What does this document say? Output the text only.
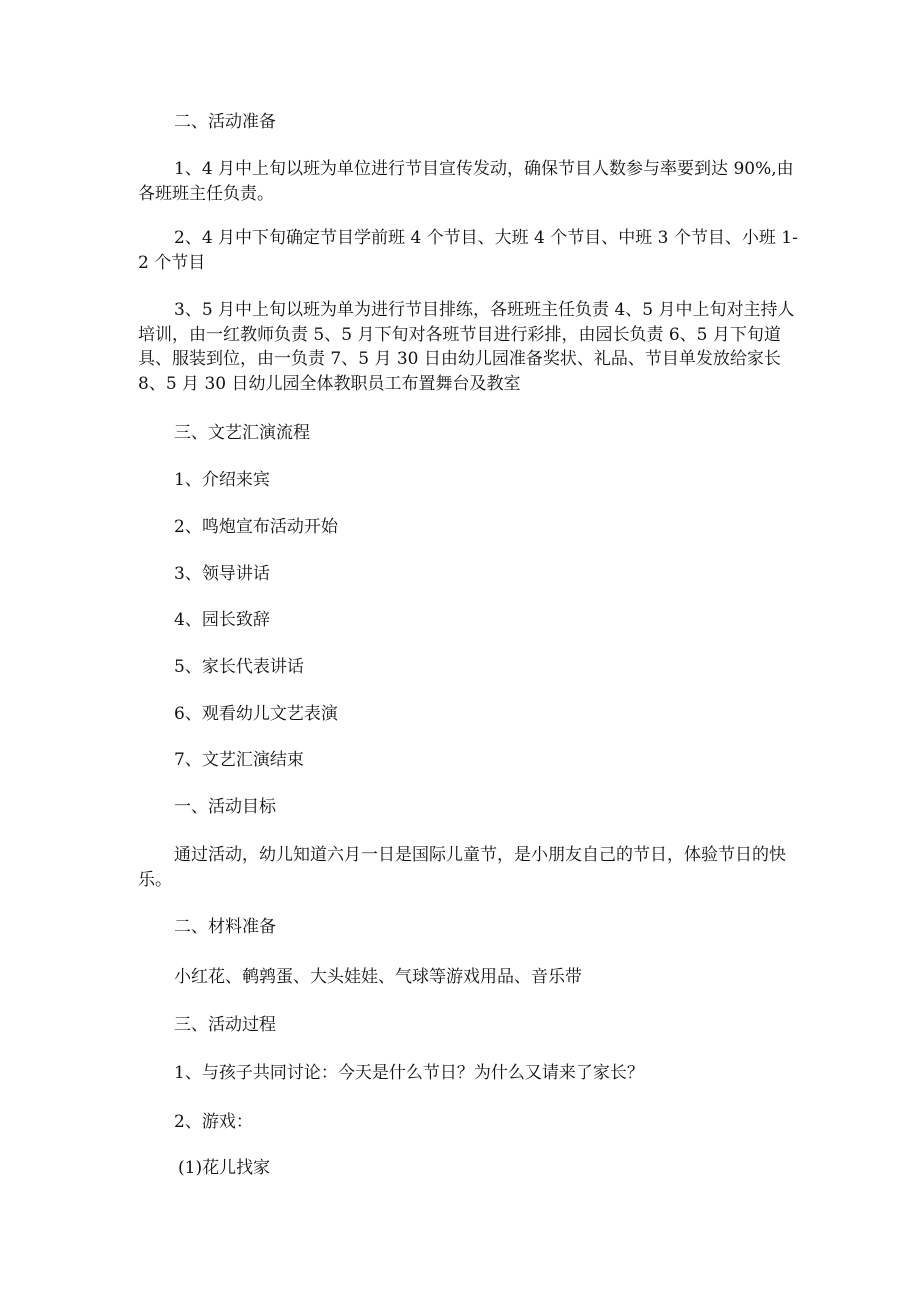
二、活动准备
1、4 月中上旬以班为单位进行节目宣传发动，确保节目人数参与率要到达 90%,由
各班班主任负责。
2、4 月中下旬确定节目学前班 4 个节目、大班 4 个节目、中班 3 个节目、小班 1-
2 个节目
3、5 月中上旬以班为单为进行节目排练，各班班主任负责 4、5 月中上旬对主持人
培训，由一红教师负责 5、5 月下旬对各班节目进行彩排，由园长负责 6、5 月下旬道
具、服装到位，由一负责 7、5 月 30 日由幼儿园准备奖状、礼品、节目单发放给家长
8、5 月 30 日幼儿园全体教职员工布置舞台及教室
三、文艺汇演流程
1、介绍来宾
2、鸣炮宣布活动开始
3、领导讲话
4、园长致辞
5、家长代表讲话
6、观看幼儿文艺表演
7、文艺汇演结束
一、活动目标
通过活动，幼儿知道六月一日是国际儿童节，是小朋友自己的节日，体验节日的快
乐。
二、材料准备
小红花、鹌鹑蛋、大头娃娃、气球等游戏用品、音乐带
三、活动过程
1、与孩子共同讨论：今天是什么节日？为什么又请来了家长？
2、游戏：
(1)花儿找家
